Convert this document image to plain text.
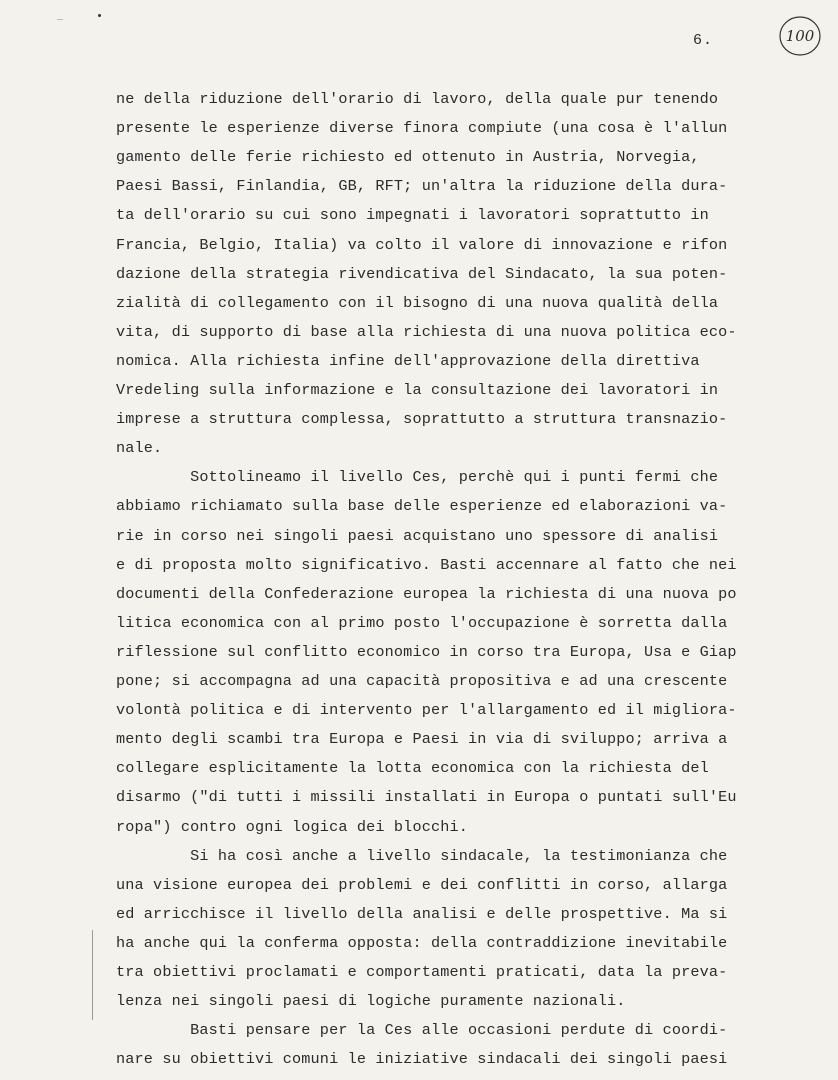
6.	100
ne della riduzione dell'orario di lavoro, della quale pur tenendo
presente le esperienze diverse finora compiute (una cosa è l'allun
gamento delle ferie richiesto ed ottenuto in Austria, Norvegia,
Paesi Bassi, Finlandia, GB, RFT; un'altra la riduzione della dura-
ta dell'orario su cui sono impegnati i lavoratori soprattutto in
Francia, Belgio, Italia) va colto il valore di innovazione e rifon
dazione della strategia rivendicativa del Sindacato, la sua poten-
zialità di collegamento con il bisogno di una nuova qualità della
vita, di supporto di base alla richiesta di una nuova politica eco-
nomica. Alla richiesta infine dell'approvazione della direttiva
Vredeling sulla informazione e la consultazione dei lavoratori in
imprese a struttura complessa, soprattutto a struttura transnazio-
nale.
Sottolineamo il livello Ces, perchè qui i punti fermi che
abbiamo richiamato sulla base delle esperienze ed elaborazioni va-
rie in corso nei singoli paesi acquistano uno spessore di analisi
e di proposta molto significativo. Basti accennare al fatto che nei
documenti della Confederazione europea la richiesta di una nuova po
litica economica con al primo posto l'occupazione è sorretta dalla
riflessione sul conflitto economico in corso tra Europa, Usa e Giap
pone; si accompagna ad una capacità propositiva e ad una crescente
volontà politica e di intervento per l'allargamento ed il migliora-
mento degli scambi tra Europa e Paesi in via di sviluppo; arriva a
collegare esplicitamente la lotta economica con la richiesta del
disarmo ("di tutti i missili installati in Europa o puntati sull'Eu
ropa") contro ogni logica dei blocchi.
Si ha così anche a livello sindacale, la testimonianza che
una visione europea dei problemi e dei conflitti in corso, allarga
ed arricchisce il livello della analisi e delle prospettive. Ma si
ha anche qui la conferma opposta: della contraddizione inevitabile
tra obiettivi proclamati e comportamenti praticati, data la preva-
lenza nei singoli paesi di logiche puramente nazionali.
Basti pensare per la Ces alle occasioni perdute di coordi-
nare su obiettivi comuni le iniziative sindacali dei singoli paesi
